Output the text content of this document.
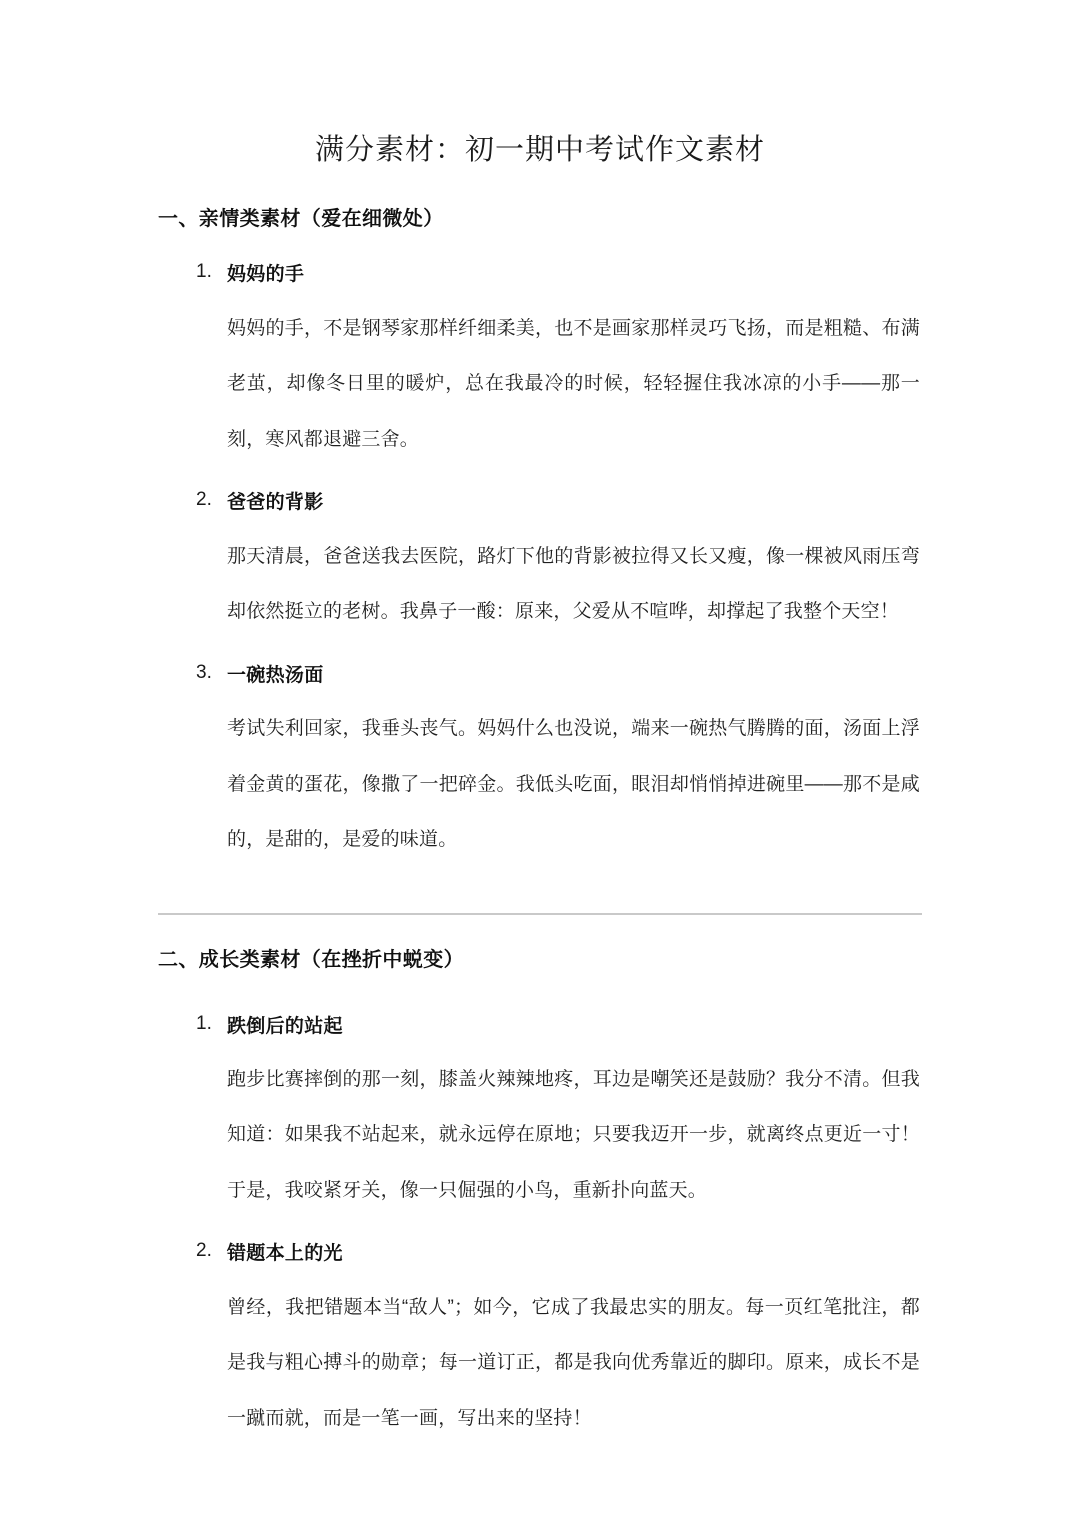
满分素材：初一期中考试作文素材
一、亲情类素材（爱在细微处）
1. 妈妈的手

妈妈的手，不是钢琴家那样纤细柔美，也不是画家那样灵巧飞扬，而是粗糙、布满老茧，却像冬日里的暖炉，总在我最冷的时候，轻轻握住我冰凉的小手——那一刻，寒风都退避三舍。

2. 爸爸的背影

那天清晨，爸爸送我去医院，路灯下他的背影被拉得又长又瘦，像一棵被风雨压弯却依然挺立的老树。我鼻子一酸：原来，父爱从不喧哗，却撑起了我整个天空！

3. 一碗热汤面

考试失利回家，我垂头丧气。妈妈什么也没说，端来一碗热气腾腾的面，汤面上浮着金黄的蛋花，像撒了一把碎金。我低头吃面，眼泪却悄悄掉进碗里——那不是咸的，是甜的，是爱的味道。

二、成长类素材（在挫折中蜕变）
1. 跌倒后的站起

跑步比赛摔倒的那一刻，膝盖火辣辣地疼，耳边是嘲笑还是鼓励？我分不清。但我知道：如果我不站起来，就永远停在原地；只要我迈开一步，就离终点更近一寸！于是，我咬紧牙关，像一只倔强的小鸟，重新扑向蓝天。

2. 错题本上的光

曾经，我把错题本当“敌人”；如今，它成了我最忠实的朋友。每一页红笔批注，都是我与粗心搏斗的勋章；每一道订正，都是我向优秀靠近的脚印。原来，成长不是一蹴而就，而是一笔一画，写出来的坚持！
